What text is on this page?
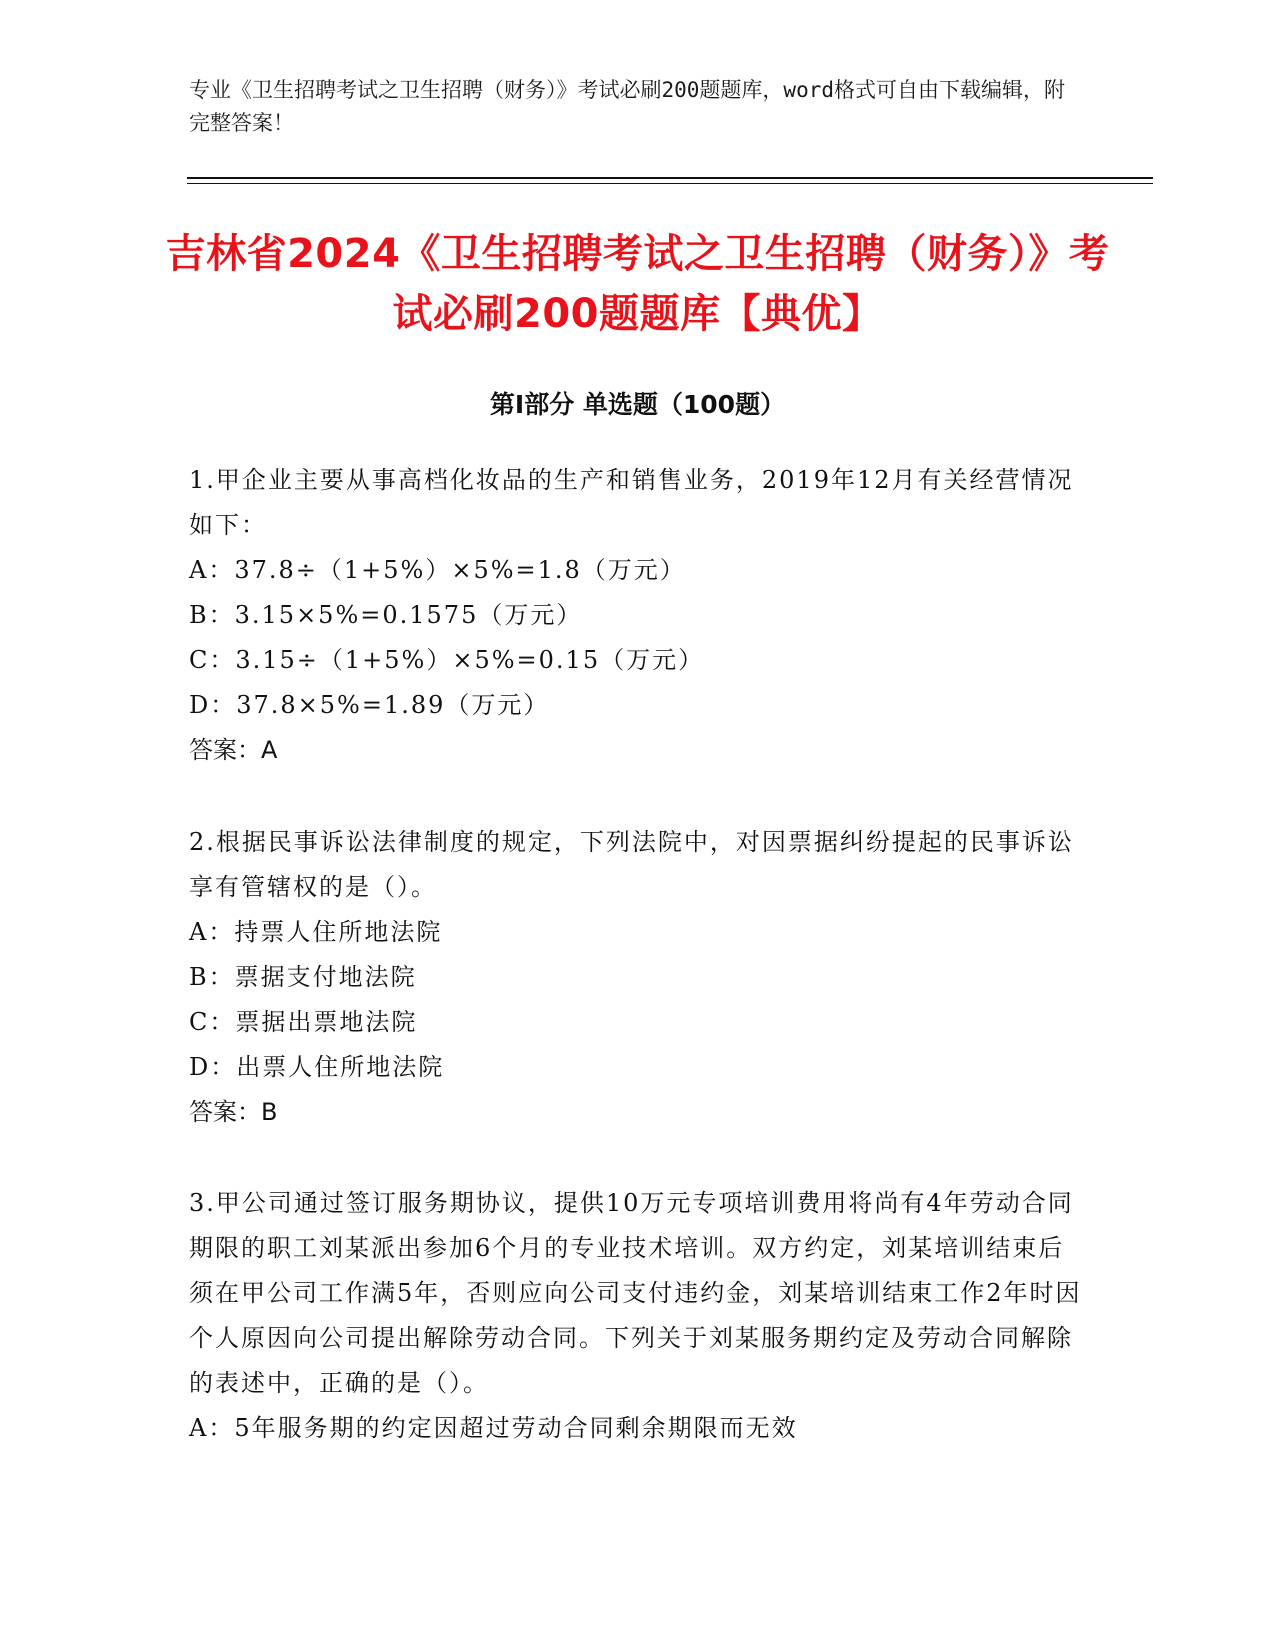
专业《卫生招聘考试之卫生招聘（财务）》考试必刷200题题库，word格式可自由下载编辑，附完整答案！
吉林省2024《卫生招聘考试之卫生招聘（财务）》考试必刷200题题库【典优】
第Ⅰ部分 单选题（100题）

1.甲企业主要从事高档化妆品的生产和销售业务，2019年12月有关经营情况如下：

A：37.8÷（1+5%）×5%=1.8（万元）

B：3.15×5%=0.1575（万元）

C：3.15÷（1+5%）×5%=0.15（万元）

D：37.8×5%=1.89（万元）

答案：A

2.根据民事诉讼法律制度的规定，下列法院中，对因票据纠纷提起的民事诉讼享有管辖权的是（）。

A：持票人住所地法院

B：票据支付地法院

C：票据出票地法院

D：出票人住所地法院

答案：B

3.甲公司通过签订服务期协议，提供10万元专项培训费用将尚有4年劳动合同期限的职工刘某派出参加6个月的专业技术培训。双方约定，刘某培训结束后须在甲公司工作满5年，否则应向公司支付违约金，刘某培训结束工作2年时因个人原因向公司提出解除劳动合同。下列关于刘某服务期约定及劳动合同解除的表述中，正确的是（）。

A：5年服务期的约定因超过劳动合同剩余期限而无效
